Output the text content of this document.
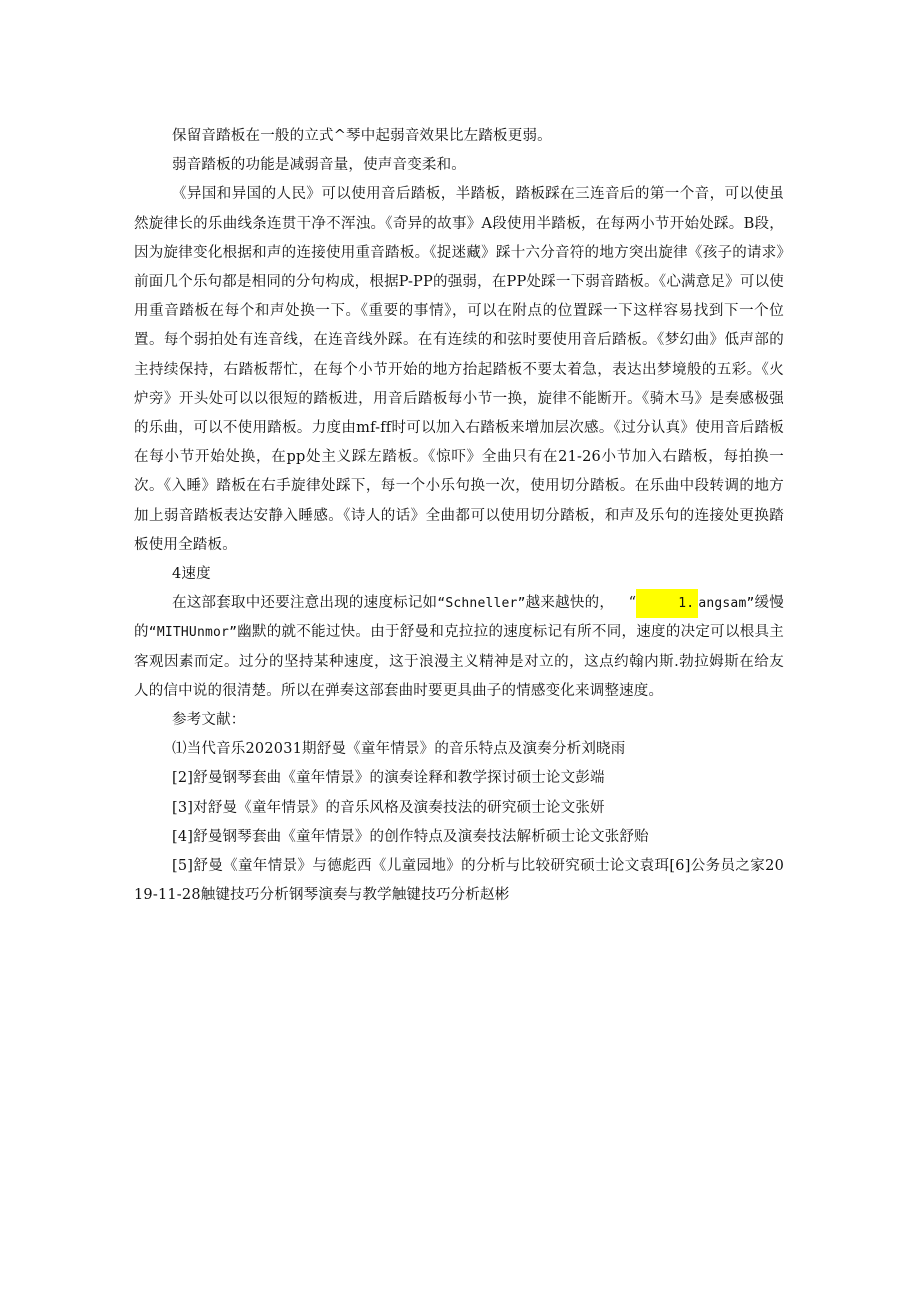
保留音踏板在一般的立式^琴中起弱音效果比左踏板更弱。
弱音踏板的功能是减弱音量，使声音变柔和。
《异国和异国的人民》可以使用音后踏板，半踏板，踏板踩在三连音后的第一个音，可以使虽然旋律长的乐曲线条连贯干净不浑浊。《奇异的故事》A段使用半踏板，在每两小节开始处踩。B段，因为旋律变化根据和声的连接使用重音踏板。《捉迷藏》踩十六分音符的地方突出旋律《孩子的请求》前面几个乐句都是相同的分句构成，根据P-PP的强弱，在PP处踩一下弱音踏板。《心满意足》可以使用重音踏板在每个和声处换一下。《重要的事情》，可以在附点的位置踩一下这样容易找到下一个位置。每个弱拍处有连音线，在连音线外踩。在有连续的和弦时要使用音后踏板。《梦幻曲》低声部的主持续保持，右踏板帮忙，在每个小节开始的地方抬起踏板不要太着急，表达出梦境般的五彩。《火炉旁》开头处可以以很短的踏板进，用音后踏板每小节一换，旋律不能断开。《骑木马》是奏感极强的乐曲，可以不使用踏板。力度由mf-ff时可以加入右踏板来增加层次感。《过分认真》使用音后踏板在每小节开始处换，在pp处主义踩左踏板。《惊吓》全曲只有在21-26小节加入右踏板，每拍换一次。《入睡》踏板在右手旋律处踩下，每一个小乐句换一次，使用切分踏板。在乐曲中段转调的地方加上弱音踏板表达安静入睡感。《诗人的话》全曲都可以使用切分踏板，和声及乐句的连接处更换踏板使用全踏板。
4速度
在这部套取中还要注意出现的速度标记如“Schneller”越来越快的， “	1. angsam”缓慢的“MITHUnmor”幽默的就不能过快。由于舒曼和克拉拉的速度标记有所不同，速度的决定可以根具主客观因素而定。过分的坚持某种速度，这于浪漫主义精神是对立的，这点约翰内斯.勃拉姆斯在给友人的信中说的很清楚。所以在弹奏这部套曲时要更具曲子的情感变化来调整速度。
参考文献：
⑴当代音乐202031期舒曼《童年情景》的音乐特点及演奏分析刘晓雨
[2]舒曼钢琴套曲《童年情景》的演奏诠释和教学探讨硕士论文彭端
[3]对舒曼《童年情景》的音乐风格及演奏技法的研究硕士论文张妍
[4]舒曼钢琴套曲《童年情景》的创作特点及演奏技法解析硕士论文张舒贻
[5]舒曼《童年情景》与德彪西《儿童园地》的分析与比较研究硕士论文袁珥[6]公务员之家2019-11-28触键技巧分析钢琴演奏与教学触键技巧分析赵彬
